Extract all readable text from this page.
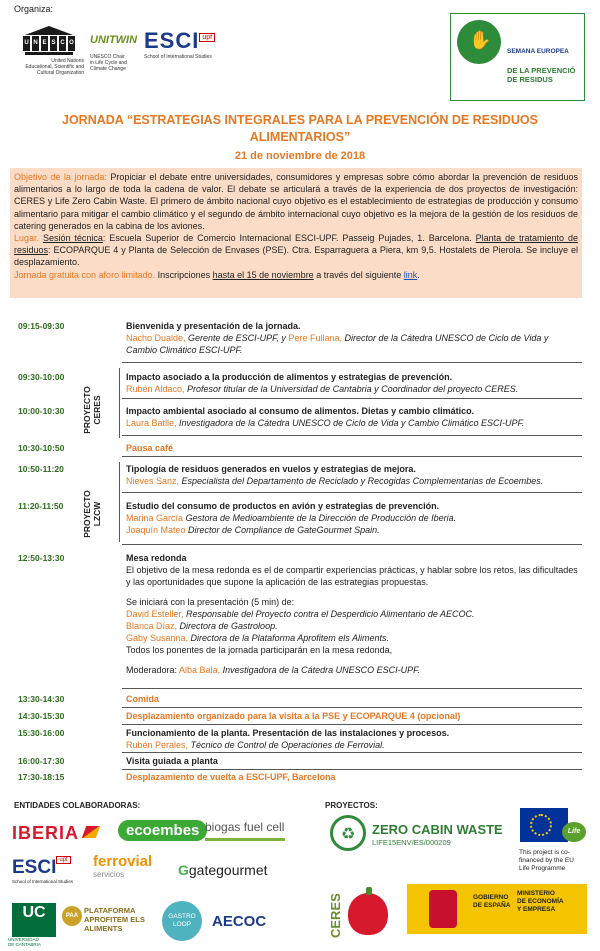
Organiza:
U N E S C O
United Nations
Educational, Scientific and
Cultural Organization
UNITWIN
UNESCO Chair
in Life Cycle and
Climate Change
ESCI upf
School of International Studies
✋
SEMANA EUROPEA
DE LA PREVENCIÓ
DE RESIDUS
JORNADA “ESTRATEGIAS INTEGRALES PARA LA PREVENCIÓN DE RESIDUOS ALIMENTARIOS”
21 de noviembre de 2018
Objetivo de la jornada: Propiciar el debate entre universidades, consumidores y empresas sobre cómo abordar la prevención de residuos alimentarios a lo largo de toda la cadena de valor. El debate se articulará a través de la experiencia de dos proyectos de investigación: CERES y Life Zero Cabin Waste. El primero de ámbito nacional cuyo objetivo es el establecimiento de estrategias de producción y consumo alimentario para mitigar el cambio climático y el segundo de ámbito internacional cuyo objetivo es la mejora de la gestión de los residuos de catering generados en la cabina de los aviones.
Lugar. Sesión técnica: Escuela Superior de Comercio Internacional ESCI-UPF. Passeig Pujades, 1. Barcelona. Planta de tratamiento de residuos: ECOPARQUE 4 y Planta de Selección de Envases (PSE). Ctra. Esparraguera a Piera, km 9,5. Hostalets de Pierola. Se incluye el desplazamiento.
Jornada gratuita con aforo limitado. Inscripciones hasta el 15 de noviembre a través del siguiente link.
09:15-09:30	Bienvenida y presentación de la jornada.
Nacho Dualde, Gerente de ESCI-UPF, y Pere Fullana, Director de la Cátedra UNESCO de Ciclo de Vida y Cambio Climático ESCI-UPF.
PROYECTO
CERES
09:30-10:00	Impacto asociado a la producción de alimentos y estrategias de prevención.
Rubén Aldaco, Profesor titular de la Universidad de Cantabria y Coordinador del proyecto CERES.
10:00-10:30	Impacto ambiental asociado al consumo de alimentos. Dietas y cambio climático.
Laura Batlle, Investigadora de la Cátedra UNESCO de Ciclo de Vida y Cambio Climático ESCI-UPF.
10:30-10:50	Pausa café
PROYECTO
LZCW
10:50-11:20	Tipología de residuos generados en vuelos y estrategias de mejora.
Nieves Sanz, Especialista del Departamento de Reciclado y Recogidas Complementarias de Ecoembes.
11:20-11:50	Estudio del consumo de productos en avión y estrategias de prevención.
Marina García Gestora de Medioambiente de la Dirección de Producción de Iberia.
Joaquín Mateo Director de Compliance de GateGourmet Spain.
12:50-13:30	Mesa redonda
El objetivo de la mesa redonda es el de compartir experiencias prácticas, y hablar sobre los retos, las dificultades y las oportunidades que supone la aplicación de las estrategias propuestas.
Se iniciará con la presentación (5 min) de:
David Esteller, Responsable del Proyecto contra el Desperdicio Alimentario de AECOC.
Blanca Díaz, Directora de Gastroloop.
Gaby Susanna, Directora de la Plataforma Aprofitem els Aliments.
Todos los ponentes de la jornada participarán en la mesa redonda,
Moderadora: Alba Bala, Investigadora de la Cátedra UNESCO ESCI-UPF.
13:30-14:30	Comida
14:30-15:30	Desplazamiento organizado para la visita a la PSE y ECOPARQUE 4 (opcional)
15:30-16:00	Funcionamiento de la planta. Presentación de las instalaciones y procesos.
Rubén Perales, Técnico de Control de Operaciones de Ferrovial.
16:00-17:30	Visita guiada a planta
17:30-18:15	Desplazamiento de vuelta a ESCI-UPF, Barcelona
ENTIDADES COLABORADORAS:	PROYECTOS:
IBERIA	ecoembes biogas fuel cell
ESCI $^{upf}$
School of International Studies
ferrovial
servicios	Ggategourmet
UC
UNIVERSIDAD
DE CANTABRIA
PAA
PLATAFORMA
APROFITEM ELS
ALIMENTS
GASTRO
LOOP	AECOC
♻ ZERO CABIN WASTE
LIFE15ENV/ES/000209
Life
This project is co-
financed by the EU
Life Programme
CERES	GOBIERNO
DE ESPAÑA
MINISTERIO
DE ECONOMÍA
Y EMPRESA
